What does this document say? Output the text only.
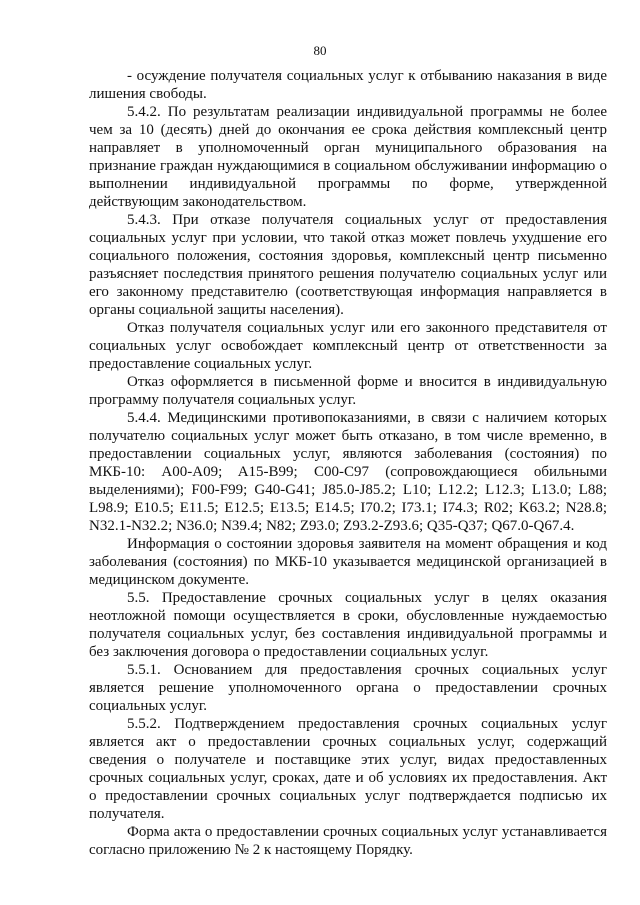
80

- осуждение получателя социальных услуг к отбыванию наказания в виде лишения свободы.

5.4.2. По результатам реализации индивидуальной программы не более чем за 10 (десять) дней до окончания ее срока действия комплексный центр направляет в уполномоченный орган муниципального образования на признание граждан нуждающимися в социальном обслуживании информацию о выполнении индивидуальной программы по форме, утвержденной действующим законодательством.

5.4.3. При отказе получателя социальных услуг от предоставления социальных услуг при условии, что такой отказ может повлечь ухудшение его социального положения, состояния здоровья, комплексный центр письменно разъясняет последствия принятого решения получателю социальных услуг или его законному представителю (соответствующая информация направляется в органы социальной защиты населения).

Отказ получателя социальных услуг или его законного представителя от социальных услуг освобождает комплексный центр от ответственности за предоставление социальных услуг.

Отказ оформляется в письменной форме и вносится в индивидуальную программу получателя социальных услуг.

5.4.4. Медицинскими противопоказаниями, в связи с наличием которых получателю социальных услуг может быть отказано, в том числе временно, в предоставлении социальных услуг, являются заболевания (состояния) по МКБ-10: A00-A09; A15-B99; C00-C97 (сопровождающиеся обильными выделениями); F00-F99; G40-G41; J85.0-J85.2; L10; L12.2; L12.3; L13.0; L88; L98.9; E10.5; E11.5; E12.5; E13.5; E14.5; I70.2; I73.1; I74.3; R02; K63.2; N28.8; N32.1-N32.2; N36.0; N39.4; N82; Z93.0; Z93.2-Z93.6; Q35-Q37; Q67.0-Q67.4.

Информация о состоянии здоровья заявителя на момент обращения и код заболевания (состояния) по МКБ-10 указывается медицинской организацией в медицинском документе.

5.5. Предоставление срочных социальных услуг в целях оказания неотложной помощи осуществляется в сроки, обусловленные нуждаемостью получателя социальных услуг, без составления индивидуальной программы и без заключения договора о предоставлении социальных услуг.

5.5.1. Основанием для предоставления срочных социальных услуг является решение уполномоченного органа о предоставлении срочных социальных услуг.

5.5.2. Подтверждением предоставления срочных социальных услуг является акт о предоставлении срочных социальных услуг, содержащий сведения о получателе и поставщике этих услуг, видах предоставленных срочных социальных услуг, сроках, дате и об условиях их предоставления. Акт о предоставлении срочных социальных услуг подтверждается подписью их получателя.

Форма акта о предоставлении срочных социальных услуг устанавливается согласно приложению № 2 к настоящему Порядку.
